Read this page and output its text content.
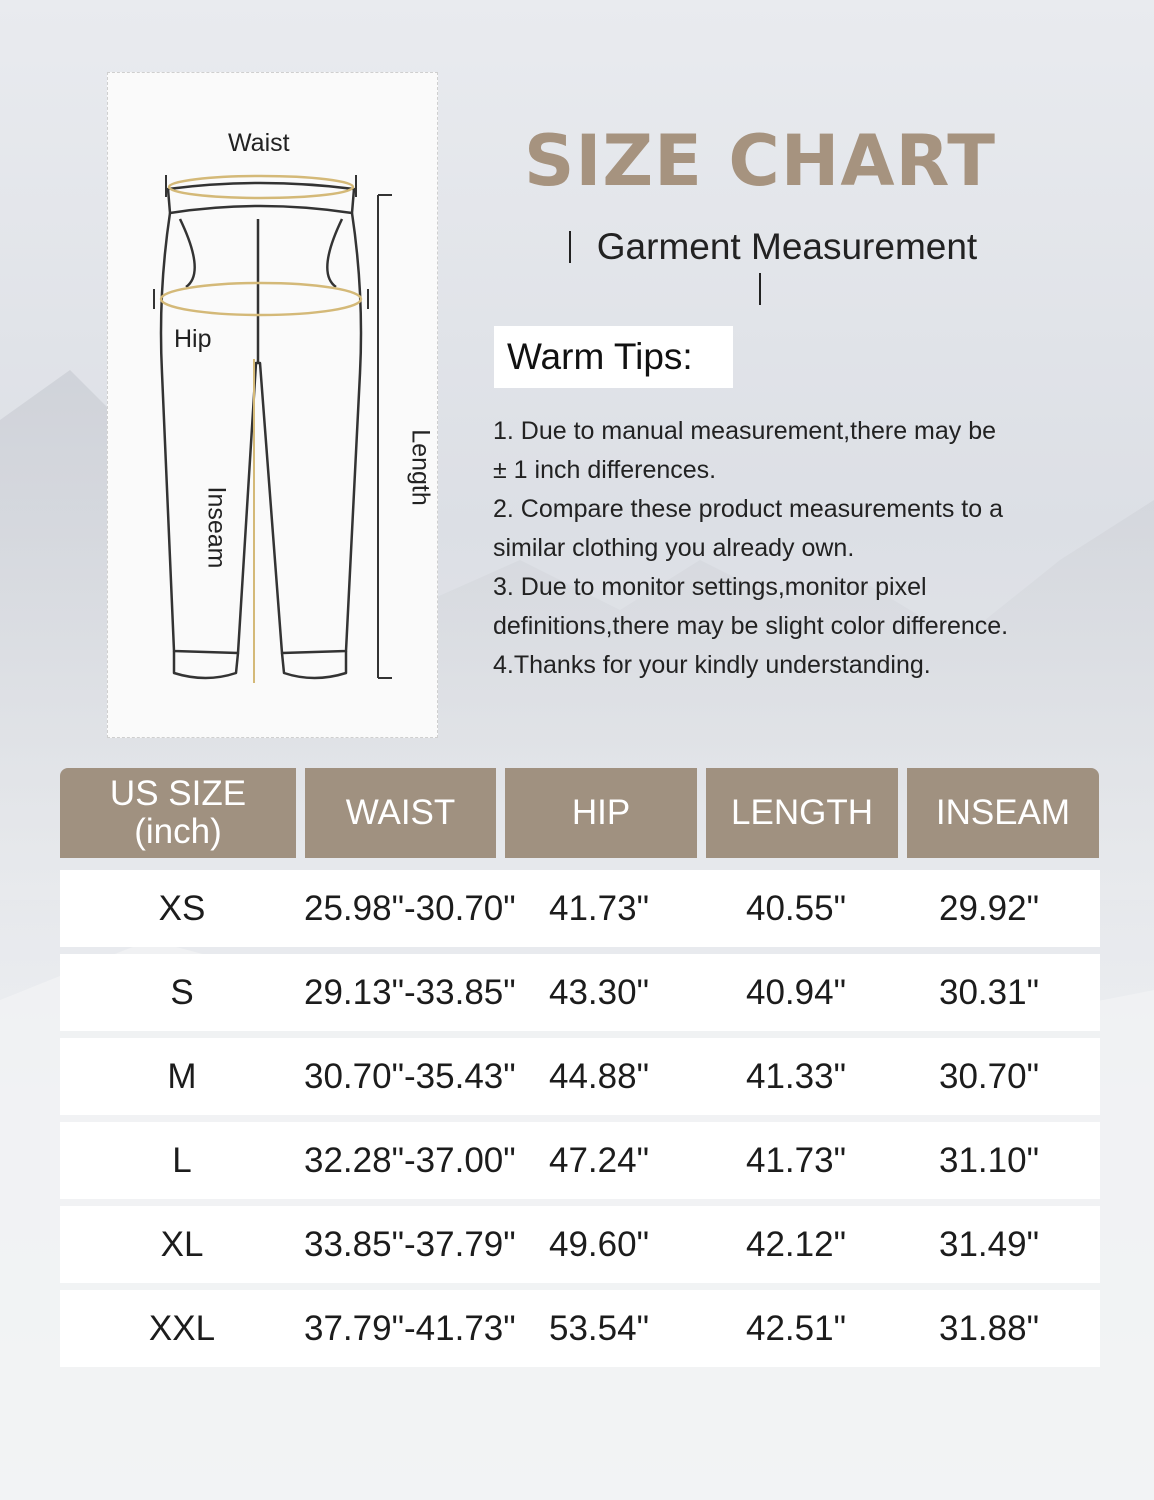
Waist
Hip
Length
Inseam
SIZE CHART
Garment Measurement
Warm Tips:

1. Due to manual measurement,there may be

± 1 inch differences.

2. Compare these product measurements to a

similar clothing you already own.

3. Due to monitor settings,monitor pixel

definitions,there may be slight color difference.

4.Thanks for your kindly understanding.

US SIZE
(inch)	WAIST	HIP	LENGTH	INSEAM
XS	25.98"-30.70" 41.73"	40.55"	29.92"
S	29.13"-33.85" 43.30"	40.94"	30.31"
M	30.70"-35.43" 44.88"	41.33"	30.70"
L	32.28"-37.00" 47.24"	41.73"	31.10"
XL	33.85"-37.79" 49.60"	42.12"	31.49"
XXL	37.79"-41.73" 53.54"	42.51"	31.88"
